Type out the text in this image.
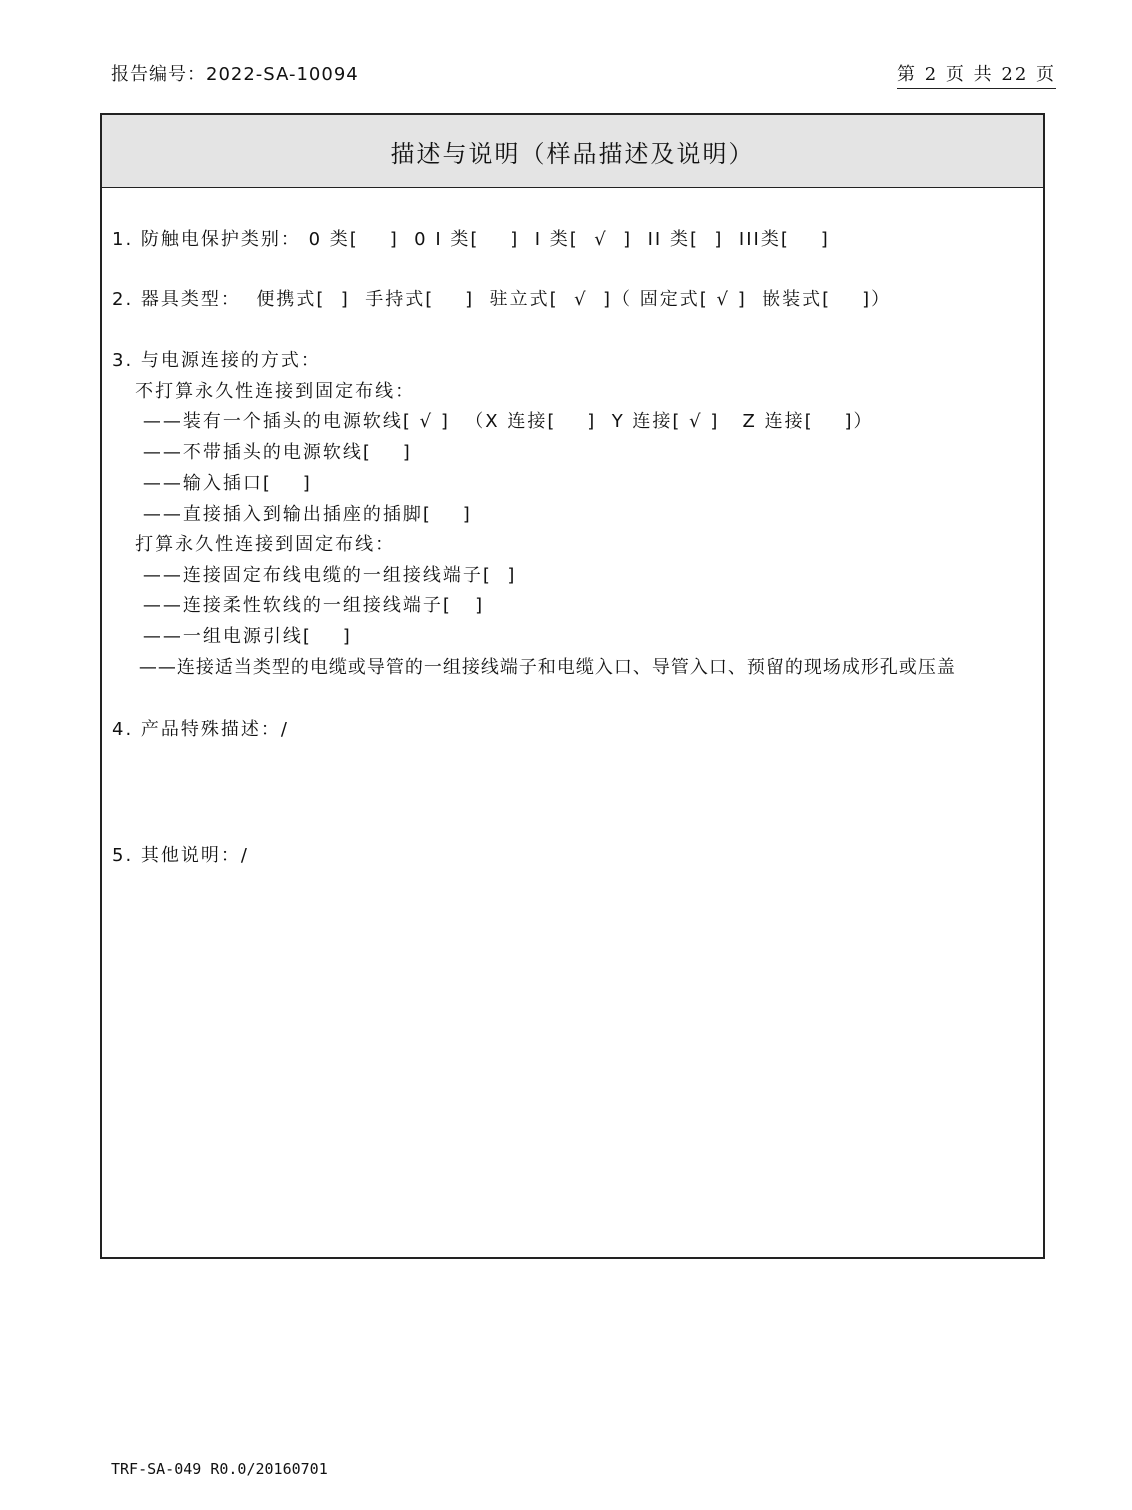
报告编号：2022-SA-10094	第 2 页 共 22 页
描述与说明（样品描述及说明）

1. 防触电保护类别： 0 类[    ]  0 I 类[    ]  I 类[  √  ]  II 类[  ]  III类[    ]

2. 器具类型：  便携式[  ]  手持式[    ]  驻立式[  √  ]（ 固定式[ √ ]  嵌装式[    ]）

3. 与电源连接的方式：

不打算永久性连接到固定布线：

——装有一个插头的电源软线[ √ ]  （X 连接[    ]  Y 连接[ √ ]   Z 连接[    ]）

——不带插头的电源软线[    ]

——输入插口[    ]

——直接插入到输出插座的插脚[    ]

打算永久性连接到固定布线：

——连接固定布线电缆的一组接线端子[  ]

——连接柔性软线的一组接线端子[   ]

——一组电源引线[    ]

——连接适当类型的电缆或导管的一组接线端子和电缆入口、导管入口、预留的现场成形孔或压盖

4. 产品特殊描述：/

5. 其他说明：/

TRF-SA-049 R0.0/20160701
